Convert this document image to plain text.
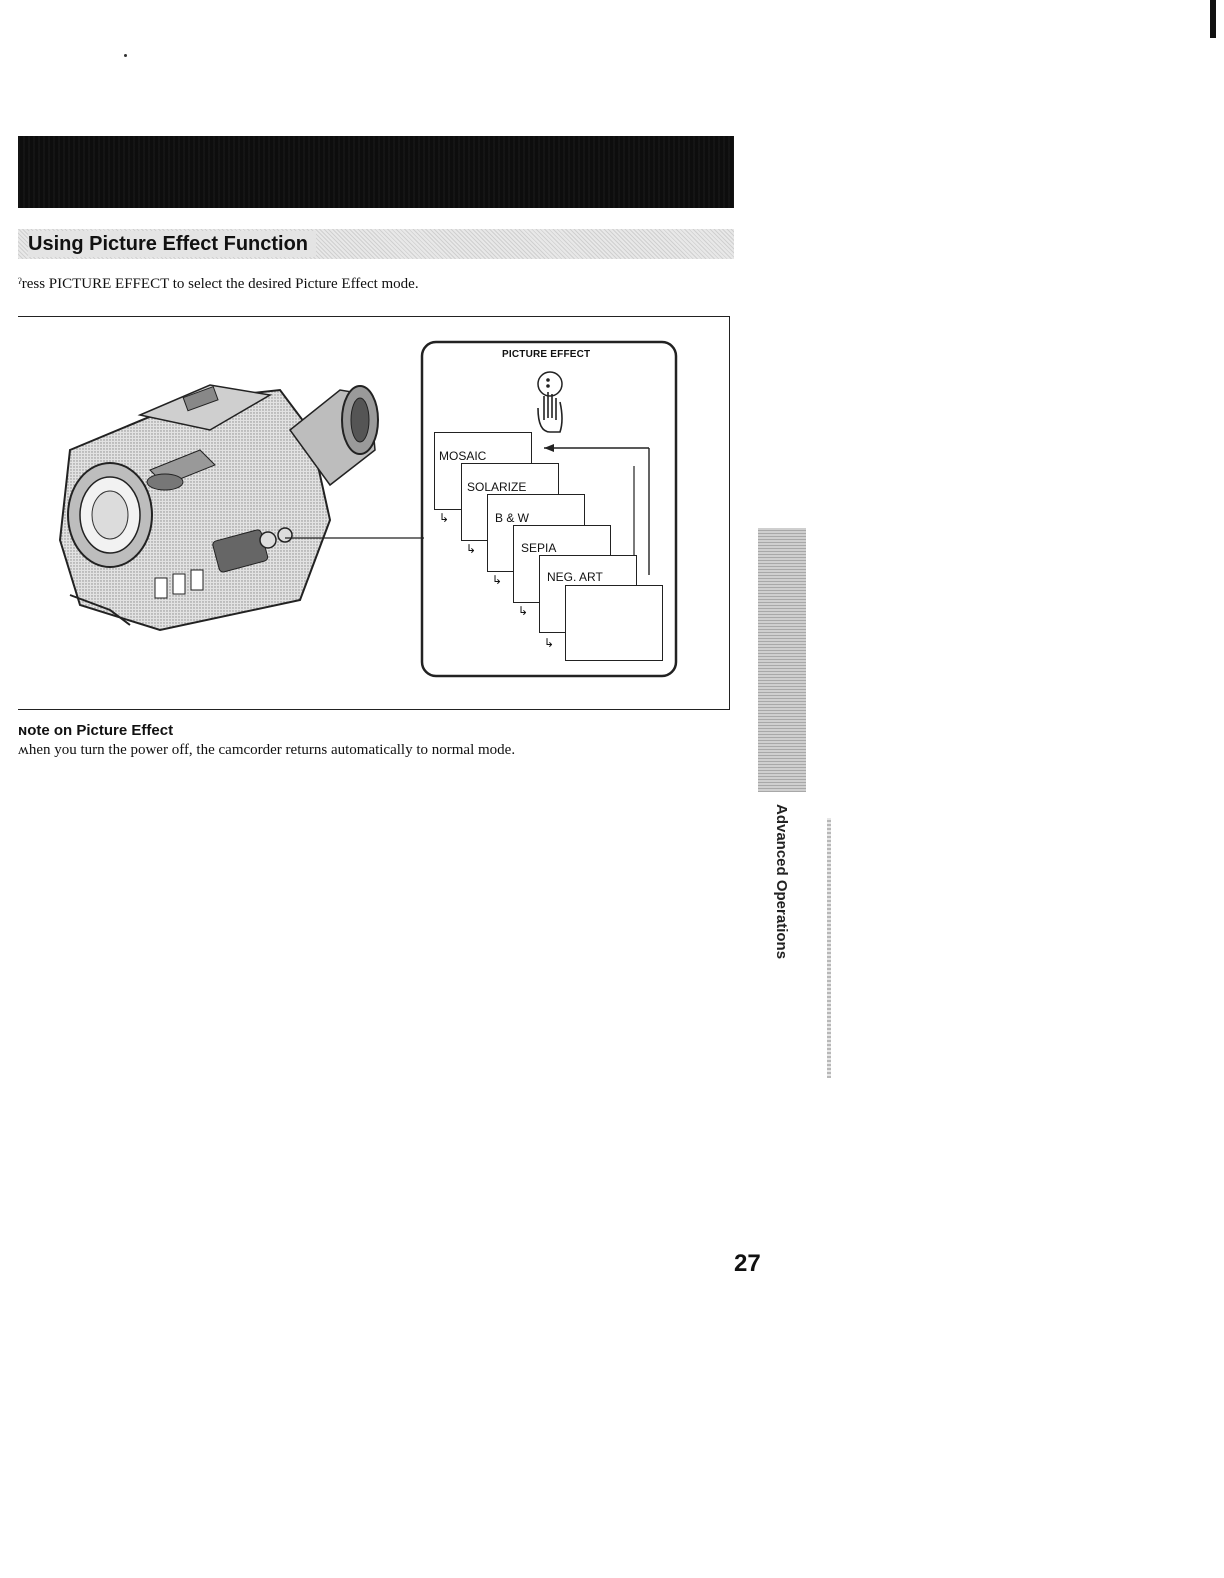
Using Picture Effect Function
ˀress PICTURE EFFECT to select the desired Picture Effect mode.
PICTURE EFFECT
MOSAIC
↳
SOLARIZE
↳
B & W
↳
SEPIA
↳
NEG. ART
↳
ɴote on Picture Effect
ʍhen you turn the power off, the camcorder returns automatically to normal mode.
Advanced Operations
27
